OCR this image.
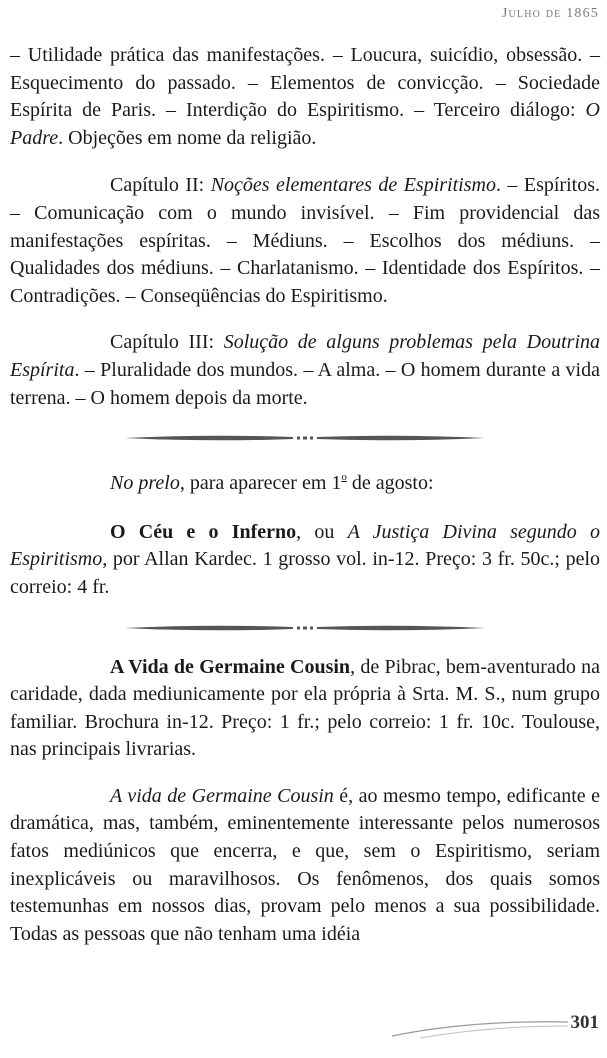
Julho de 1865

– Utilidade prática das manifestações. – Loucura, suicídio, obsessão. – Esquecimento do passado. – Elementos de convicção. – Sociedade Espírita de Paris. – Interdição do Espiritismo. – Terceiro diálogo: O Padre. Objeções em nome da religião.

Capítulo II: Noções elementares de Espiritismo. – Espíritos. – Comunicação com o mundo invisível. – Fim providencial das manifestações espíritas. – Médiuns. – Escolhos dos médiuns. – Qualidades dos médiuns. – Charlatanismo. – Identidade dos Espíritos. – Contradições. – Conseqüências do Espiritismo.

Capítulo III: Solução de alguns problemas pela Doutrina Espírita. – Pluralidade dos mundos. – A alma. – O homem durante a vida terrena. – O homem depois da morte.

No prelo, para aparecer em 1$^o$ de agosto:

O Céu e o Inferno, ou A Justiça Divina segundo o Espiritismo, por Allan Kardec. 1 grosso vol. in-12. Preço: 3 fr. 50c.; pelo correio: 4 fr.

A Vida de Germaine Cousin, de Pibrac, bem-aventurado na caridade, dada mediunicamente por ela própria à Srta. M. S., num grupo familiar. Brochura in-12. Preço: 1 fr.; pelo correio: 1 fr. 10c. Toulouse, nas principais livrarias.

A vida de Germaine Cousin é, ao mesmo tempo, edificante e dramática, mas, também, eminentemente interessante pelos numerosos fatos mediúnicos que encerra, e que, sem o Espiritismo, seriam inexplicáveis ou maravilhosos. Os fenômenos, dos quais somos testemunhas em nossos dias, provam pelo menos a sua possibilidade. Todas as pessoas que não tenham uma idéia

301
